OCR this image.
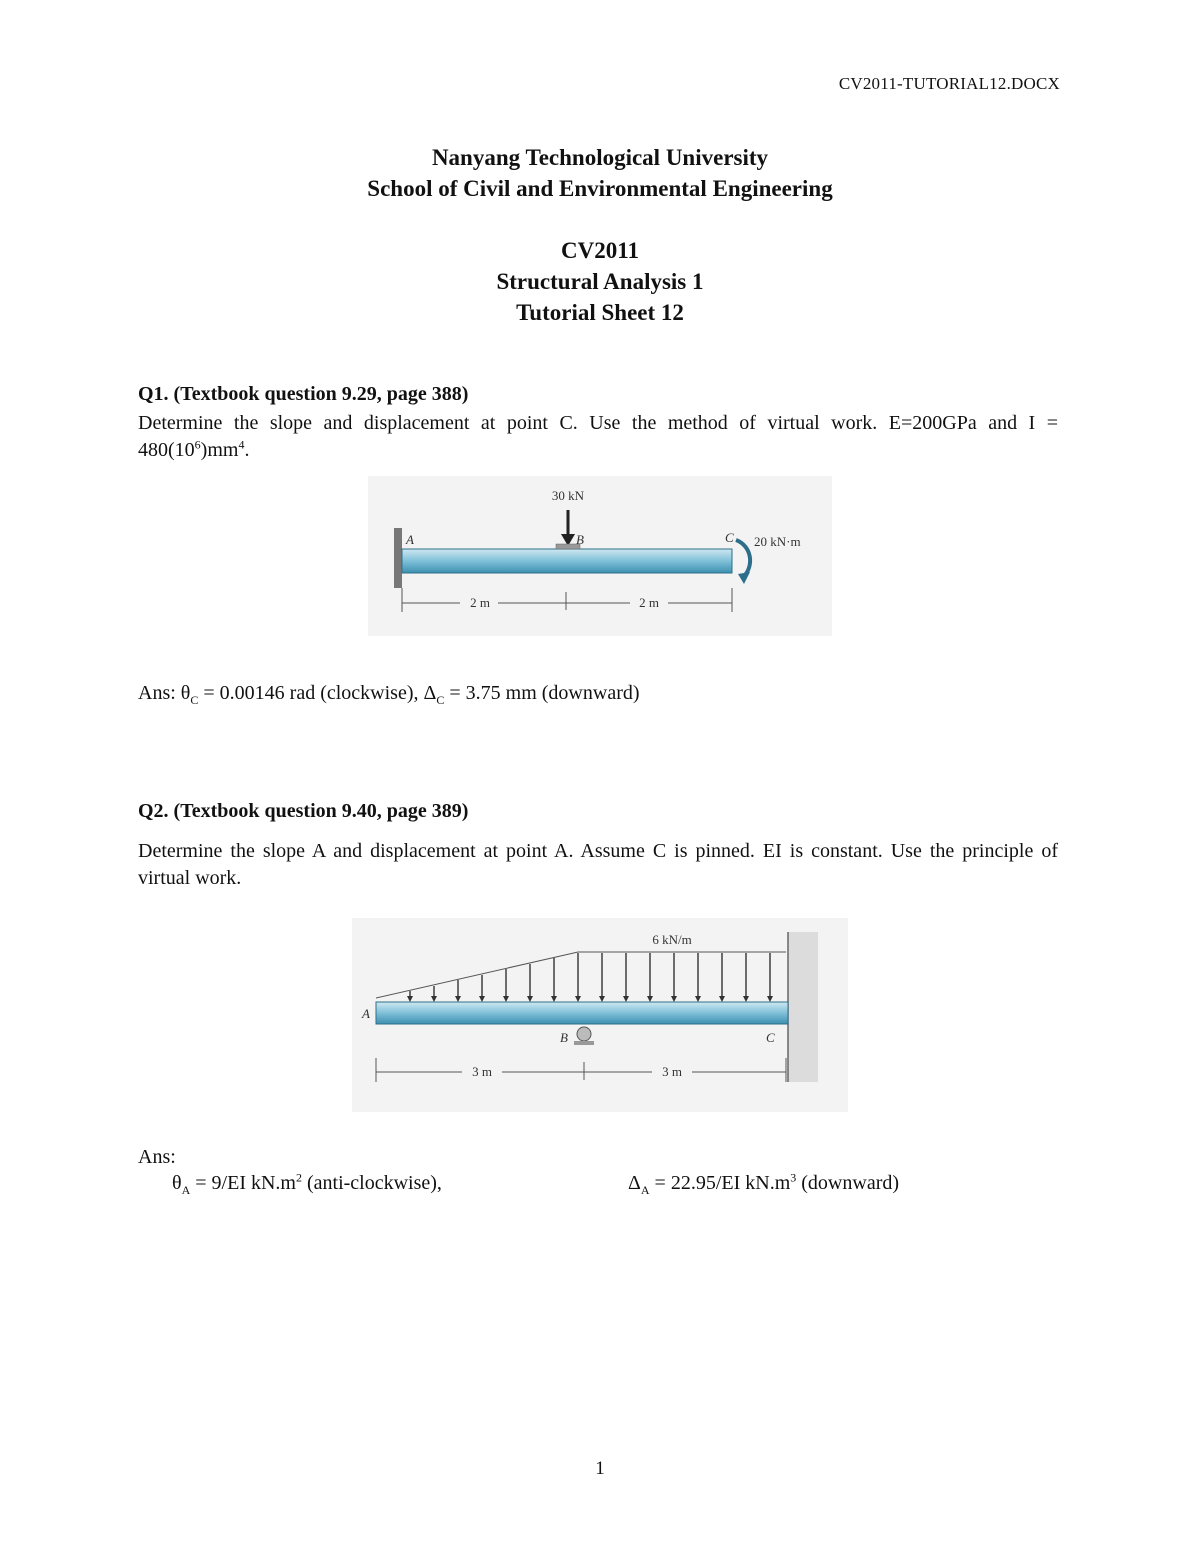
CV2011-TUTORIAL12.DOCX
Nanyang Technological University
School of Civil and Environmental Engineering
CV2011
Structural Analysis 1
Tutorial Sheet 12
Q1. (Textbook question 9.29, page 388)
Determine the slope and displacement at point C. Use the method of virtual work. E=200GPa and $I = 480(10^6)mm^4$.
30 kN
A	B	C 20 kN·m
2 m	2 m
Ans: $\theta_C = 0.00146$ rad (clockwise), $\Delta_C = 3.75$ mm (downward)
Q2. (Textbook question 9.40, page 389)
Determine the slope A and displacement at point A. Assume C is pinned. EI is constant. Use the principle of virtual work.
6 kN/m
A
B	C
3 m	3 m
Ans:
$\theta_A = 9/EI$ $kN.m^2$ (anti-clockwise),	$\Delta_A = 22.95/EI$ $kN.m^3$ (downward)
1
